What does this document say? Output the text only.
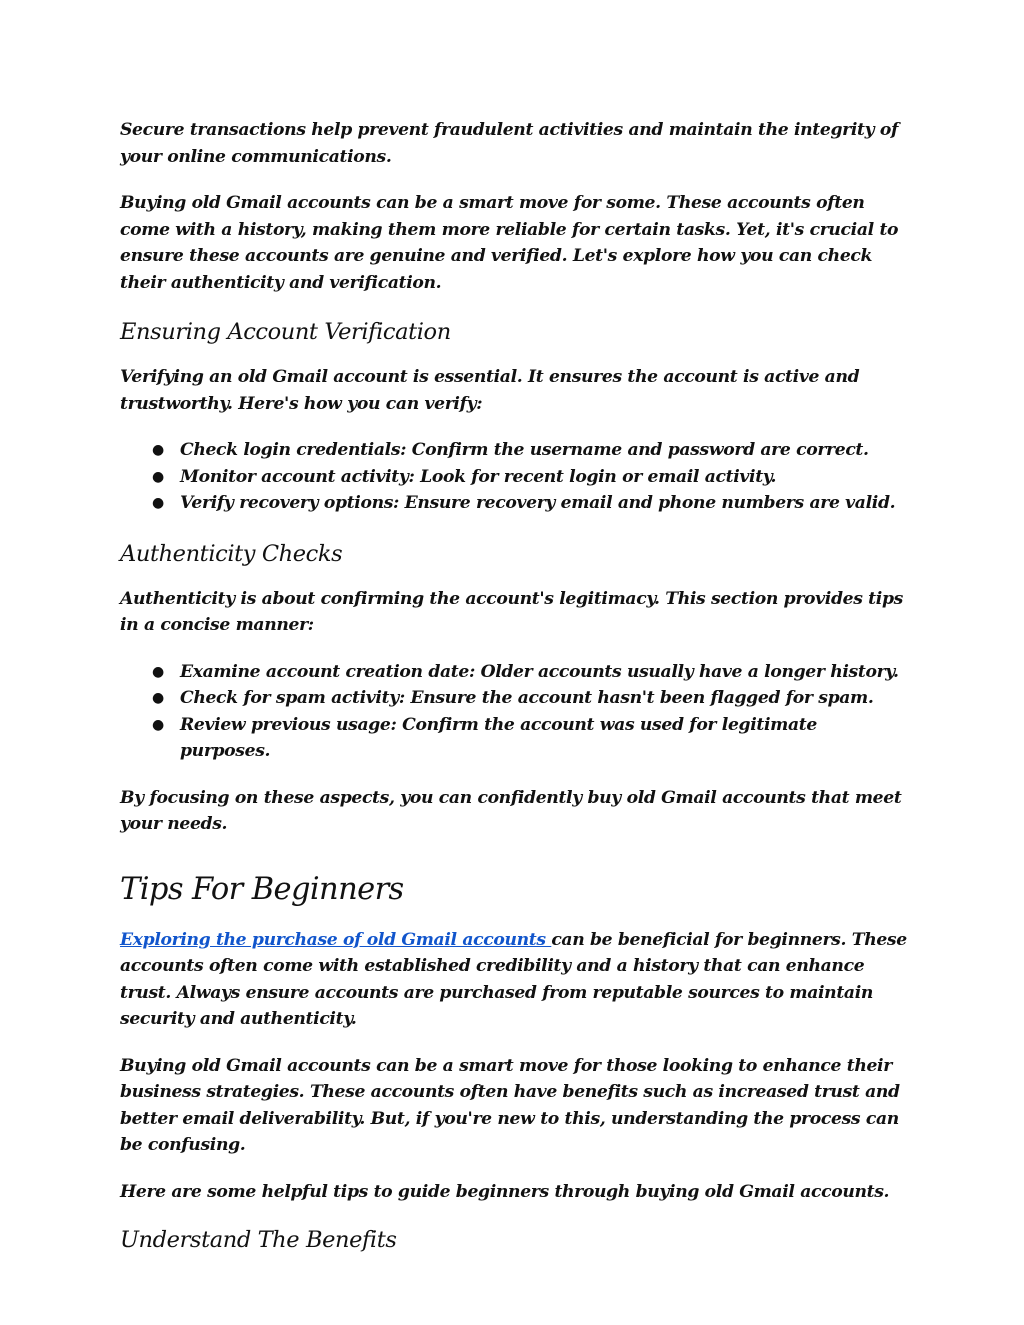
Secure transactions help prevent fraudulent activities and maintain the integrity of your online communications.

Buying old Gmail accounts can be a smart move for some. These accounts often come with a history, making them more reliable for certain tasks. Yet, it's crucial to ensure these accounts are genuine and verified. Let's explore how you can check their authenticity and verification.

Ensuring Account Verification

Verifying an old Gmail account is essential. It ensures the account is active and trustworthy. Here's how you can verify:

● Check login credentials: Confirm the username and password are correct.
● Monitor account activity: Look for recent login or email activity.
● Verify recovery options: Ensure recovery email and phone numbers are valid.
Authenticity Checks

Authenticity is about confirming the account's legitimacy. This section provides tips in a concise manner:

● Examine account creation date: Older accounts usually have a longer history.
● Check for spam activity: Ensure the account hasn't been flagged for spam.
● Review previous usage: Confirm the account was used for legitimate purposes.

By focusing on these aspects, you can confidently buy old Gmail accounts that meet your needs.

Tips For Beginners

Exploring the purchase of old Gmail accounts can be beneficial for beginners. These accounts often come with established credibility and a history that can enhance trust. Always ensure accounts are purchased from reputable sources to maintain security and authenticity.

Buying old Gmail accounts can be a smart move for those looking to enhance their business strategies. These accounts often have benefits such as increased trust and better email deliverability. But, if you're new to this, understanding the process can be confusing.

Here are some helpful tips to guide beginners through buying old Gmail accounts.

Understand The Benefits
